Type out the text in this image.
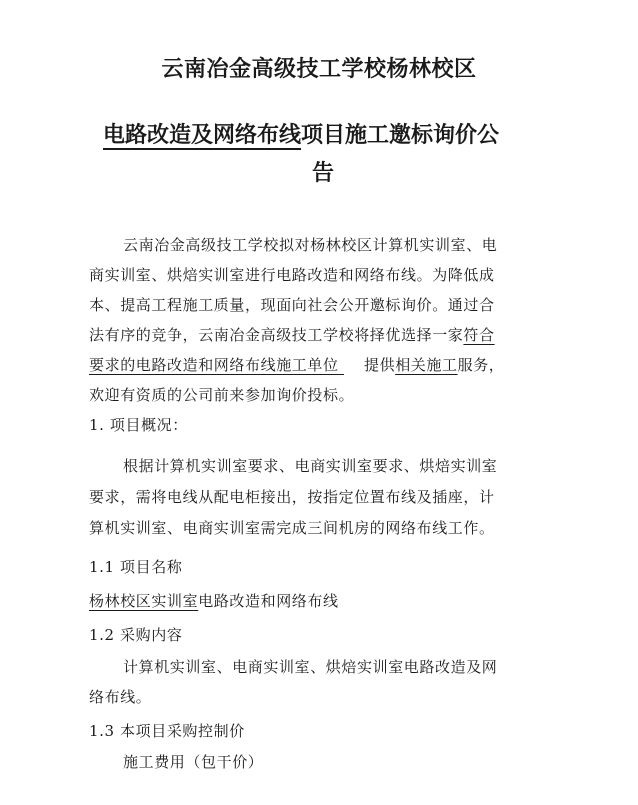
云南冶金高级技工学校杨林校区
电路改造及网络布线项目施工邀标询价公
告
云南冶金高级技工学校拟对杨林校区计算机实训室、电
商实训室、烘焙实训室进行电路改造和网络布线。为降低成
本、提高工程施工质量，现面向社会公开邀标询价。通过合
法有序的竞争，云南冶金高级技工学校将择优选择一家符合
要求的电路改造和网络布线施工单位 提供相关施工服务，
欢迎有资质的公司前来参加询价投标。
1. 项目概况：
根据计算机实训室要求、电商实训室要求、烘焙实训室
要求，需将电线从配电柜接出，按指定位置布线及插座，计
算机实训室、电商实训室需完成三间机房的网络布线工作。
1.1 项目名称
杨林校区实训室电路改造和网络布线
1.2 采购内容
计算机实训室、电商实训室、烘焙实训室电路改造及网
络布线。
1.3 本项目采购控制价
施工费用（包干价）
